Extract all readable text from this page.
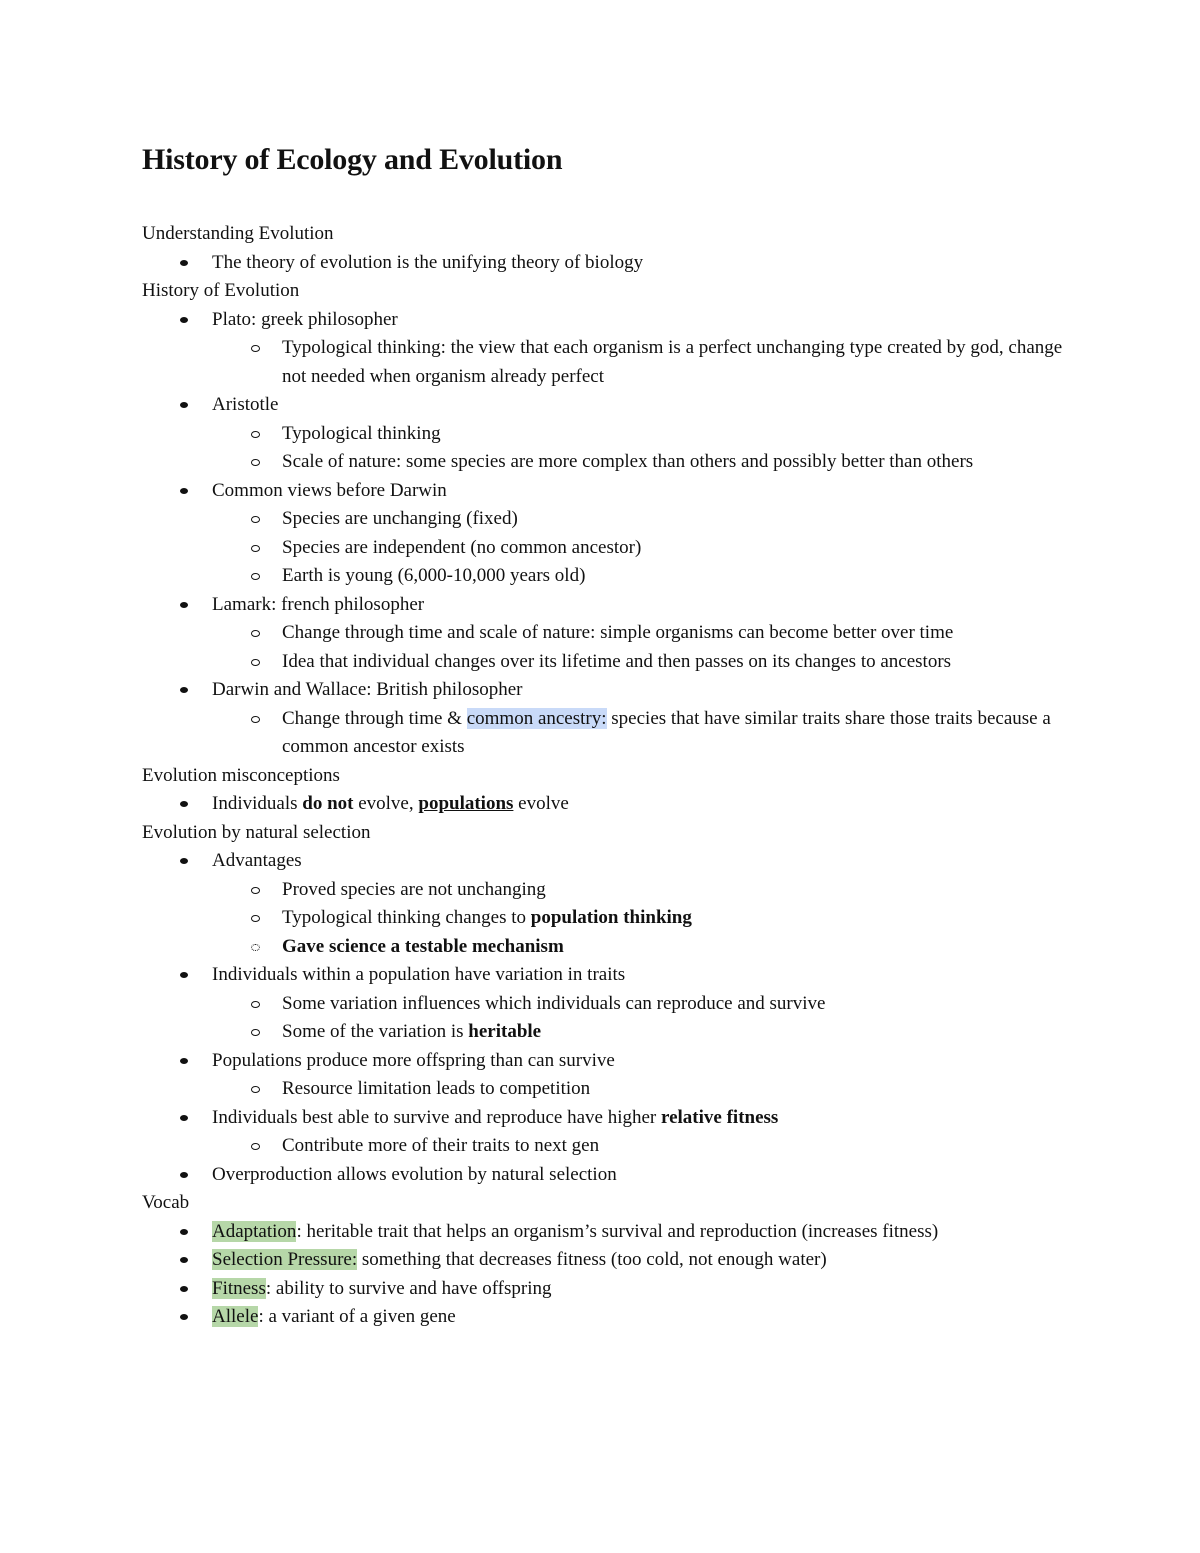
History of Ecology and Evolution
Understanding Evolution
The theory of evolution is the unifying theory of biology
History of Evolution
Plato: greek philosopher
Typological thinking: the view that each organism is a perfect unchanging type created by god, change not needed when organism already perfect
Aristotle
Typological thinking
Scale of nature: some species are more complex than others and possibly better than others
Common views before Darwin
Species are unchanging (fixed)
Species are independent (no common ancestor)
Earth is young (6,000-10,000 years old)
Lamark: french philosopher
Change through time and scale of nature: simple organisms can become better over time
Idea that individual changes over its lifetime and then passes on its changes to ancestors
Darwin and Wallace: British philosopher
Change through time & common ancestry: species that have similar traits share those traits because a common ancestor exists
Evolution misconceptions
Individuals do not evolve, populations evolve
Evolution by natural selection
Advantages
Proved species are not unchanging
Typological thinking changes to population thinking
Gave science a testable mechanism
Individuals within a population have variation in traits
Some variation influences which individuals can reproduce and survive
Some of the variation is heritable
Populations produce more offspring than can survive
Resource limitation leads to competition
Individuals best able to survive and reproduce have higher relative fitness
Contribute more of their traits to next gen
Overproduction allows evolution by natural selection
Vocab
Adaptation: heritable trait that helps an organism’s survival and reproduction (increases fitness)
Selection Pressure: something that decreases fitness (too cold, not enough water)
Fitness: ability to survive and have offspring
Allele: a variant of a given gene
